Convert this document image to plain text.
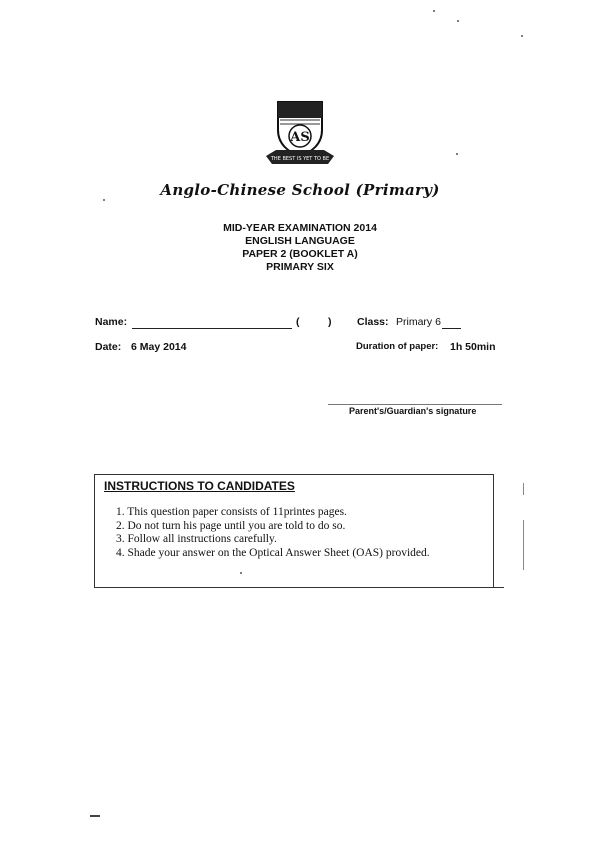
AS
THE BEST IS YET TO BE
Anglo-Chinese School (Primary)
MID-YEAR EXAMINATION 2014
ENGLISH LANGUAGE
PAPER 2 (BOOKLET A)
PRIMARY SIX
Name:	(	) Class: Primary 6
Date: 6 May 2014	Duration of paper: 1h 50min
Parent's/Guardian's signature
INSTRUCTIONS TO CANDIDATES
1. This question paper consists of 11printes pages.
2. Do not turn his page until you are told to do so.
3. Follow all instructions carefully.
4. Shade your answer on the Optical Answer Sheet (OAS) provided.
